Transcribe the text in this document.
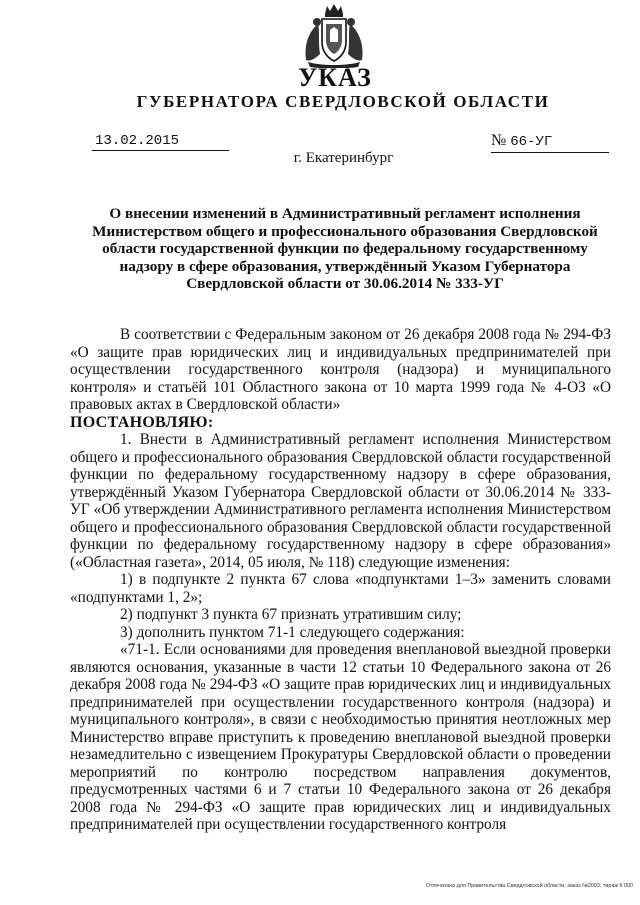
УКАЗ
ГУБЕРНАТОРА СВЕРДЛОВСКОЙ ОБЛАСТИ
13.02.2015	№ 66-УГ
г. Екатеринбург
О внесении изменений в Административный регламент исполнения Министерством общего и профессионального образования Свердловской области государственной функции по федеральному государственному надзору в сфере образования, утверждённый Указом Губернатора Свердловской области от 30.06.2014 № 333-УГ

В соответствии с Федеральным законом от 26 декабря 2008 года № 294-ФЗ «О защите прав юридических лиц и индивидуальных предпринимателей при осуществлении государственного контроля (надзора) и муниципального контроля» и статьёй 101 Областного закона от 10 марта 1999 года № 4-ОЗ «О правовых актах в Свердловской области»

ПОСТАНОВЛЯЮ:

1. Внести в Административный регламент исполнения Министерством общего и профессионального образования Свердловской области государственной функции по федеральному государственному надзору в сфере образования, утверждённый Указом Губернатора Свердловской области от 30.06.2014 № 333-УГ «Об утверждении Административного регламента исполнения Министерством общего и профессионального образования Свердловской области государственной функции по федеральному государственному надзору в сфере образования» («Областная газета», 2014, 05 июля, № 118) следующие изменения:

1) в подпункте 2 пункта 67 слова «подпунктами 1–3» заменить словами «подпунктами 1, 2»;

2) подпункт 3 пункта 67 признать утратившим силу;

3) дополнить пунктом 71-1 следующего содержания:

«71-1. Если основаниями для проведения внеплановой выездной проверки являются основания, указанные в части 12 статьи 10 Федерального закона от 26 декабря 2008 года № 294-ФЗ «О защите прав юридических лиц и индивидуальных предпринимателей при осуществлении государственного контроля (надзора) и муниципального контроля», в связи с необходимостью принятия неотложных мер Министерство вправе приступить к проведению внеплановой выездной проверки незамедлительно с извещением Прокуратуры Свердловской области о проведении мероприятий по контролю посредством направления документов, предусмотренных частями 6 и 7 статьи 10 Федерального закона от 26 декабря 2008 года № 294-ФЗ «О защите прав юридических лиц и индивидуальных предпринимателей при осуществлении государственного контроля

Отпечатано для Правительства Свердловской области, заказ №2003, тираж 6 000
